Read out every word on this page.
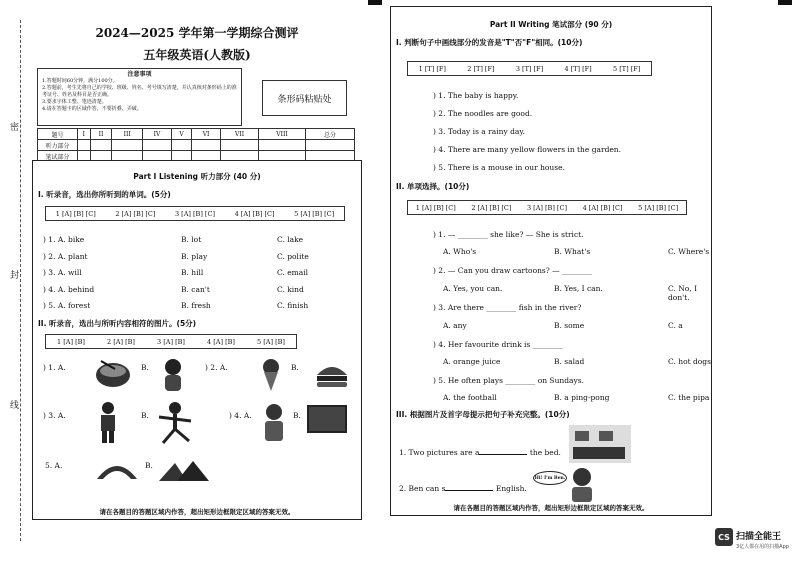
密
封
线
2024—2025 学年第一学期综合测评
五年级英语(人教版)
注意事项
1.答题时间60分钟，满分100分。
2.答题前，考生先将自己的学校、班级、姓名、考号填写清楚，并认真核对条形码上的准考证号、姓名及科目是否正确。
3.要求字体工整、笔迹清楚。
4.请在答题卡的区域作答，不要折叠、弄破。
条形码粘贴处
题号	I	II	III	IV	V	VI	VII	VIII	总分
听力部分									
笔试部分									
Part I Listening 听力部分 (40 分)
I. 听录音，选出你所听到的单词。(5分)
1 [A] [B] [C]	2 [A] [B] [C]	3 [A] [B] [C]	4 [A] [B] [C]	5 [A] [B] [C]
) 1. A. bike	B. lot	C. lake
) 2. A. plant	B. play	C. polite
) 3. A. will	B. hill	C. email
) 4. A. behind	B. can't	C. kind
) 5. A. forest	B. fresh	C. finish
II. 听录音，选出与所听内容相符的图片。(5分)
1 [A] [B]	2 [A] [B]	3 [A] [B]	4 [A] [B]	5 [A] [B]
) 1. A.	B.	) 2. A.	B.
) 3. A.	B.	) 4. A.	B.
5. A.	B.
请在各题目的答题区域内作答，超出矩形边框限定区域的答案无效。
Part II Writing 笔试部分 (90 分)
I. 判断句子中画线部分的发音是"T"否"F"相同。(10分)
1 [T] [F]	2 [T] [F]	3 [T] [F]	4 [T] [F]	5 [T] [F]
) 1. The baby is happy.
) 2. The noodles are good.
) 3. Today is a rainy day.
) 4. There are many yellow flowers in the garden.
) 5. There is a mouse in our house.
II. 单项选择。(10分)
1 [A] [B] [C] 2 [A] [B] [C] 3 [A] [B] [C] 4 [A] [B] [C] 5 [A] [B] [C]
) 1. — ________ she like? — She is strict.
A. Who's	B. What's	C. Where's
) 2. — Can you draw cartoons? — ________
A. Yes, you can.	B. Yes, I can.	C. No, I don't.
) 3. Are there ________ fish in the river?
A. any	B. some	C. a
) 4. Her favourite drink is ________
A. orange juice	B. salad	C. hot dogs
) 5. He often plays ________ on Sundays.
A. the football	B. a ping-pong	C. the pipa
III. 根据图片及首字母提示把句子补充完整。(10分)
1. Two pictures are a	the bed.
2. Ben can s	English.
Hi! I'm Ben.
请在各题目的答题区域内作答，超出矩形边框限定区域的答案无效。
CS 扫描全能王
3亿人都在用的扫描App
